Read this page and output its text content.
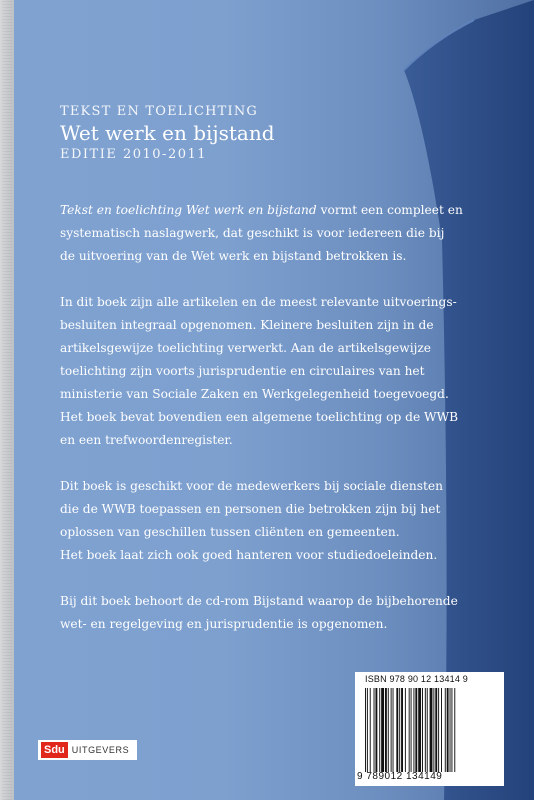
TEKST EN TOELICHTING

Wet werk en bijstand

EDITIE 2010-2011

Tekst en toelichting Wet werk en bijstand vormt een compleet en
systematisch naslagwerk, dat geschikt is voor iedereen die bij
de uitvoering van de Wet werk en bijstand betrokken is.

In dit boek zijn alle artikelen en de meest relevante uitvoerings-
besluiten integraal opgenomen. Kleinere besluiten zijn in de
artikelsgewijze toelichting verwerkt. Aan de artikelsgewijze
toelichting zijn voorts jurisprudentie en circulaires van het
ministerie van Sociale Zaken en Werkgelegenheid toegevoegd.
Het boek bevat bovendien een algemene toelichting op de WWB
en een trefwoordenregister.

Dit boek is geschikt voor de medewerkers bij sociale diensten
die de WWB toepassen en personen die betrokken zijn bij het
oplossen van geschillen tussen cliënten en gemeenten.
Het boek laat zich ook goed hanteren voor studiedoeleinden.

Bij dit boek behoort de cd-rom Bijstand waarop de bijbehorende
wet- en regelgeving en jurisprudentie is opgenomen.

ISBN 978 90 12 13414 9
9 789012 134149
Sdu UITGEVERS
